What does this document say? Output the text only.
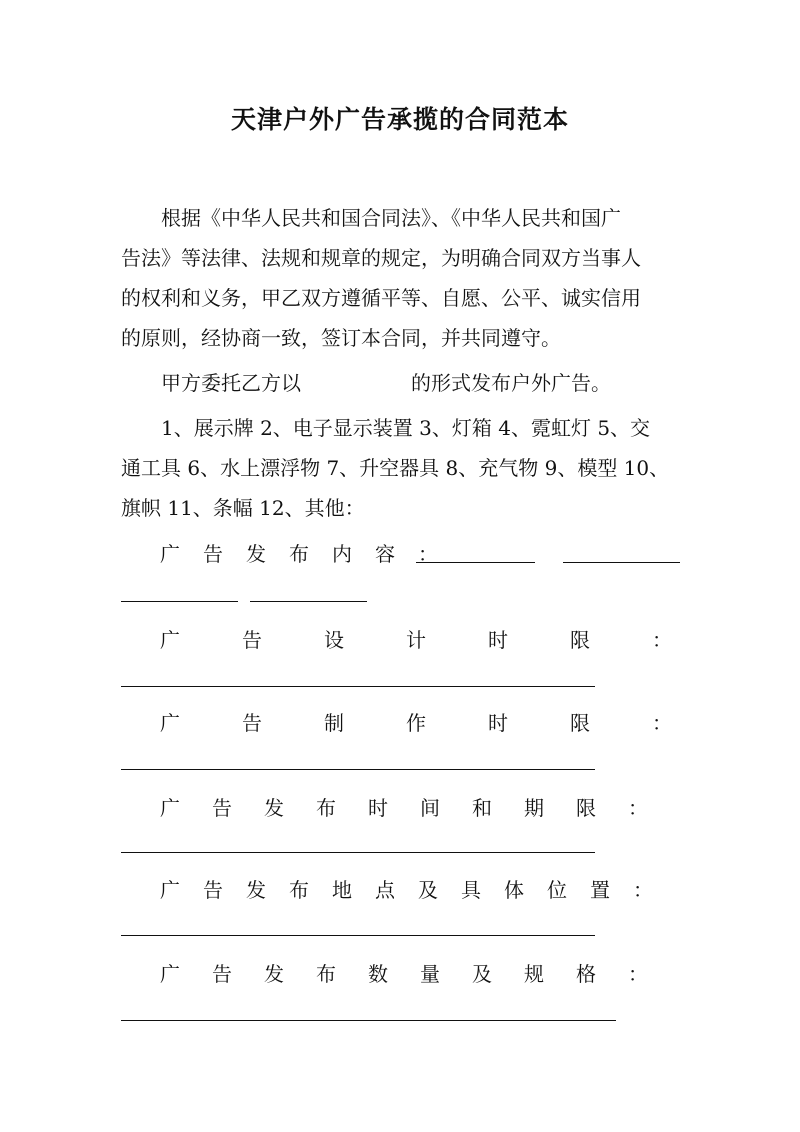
天津户外广告承揽的合同范本
根据《中华人民共和国合同法》、《中华人民共和国广
告法》等法律、法规和规章的规定，为明确合同双方当事人
的权利和义务，甲乙双方遵循平等、自愿、公平、诚实信用
的原则，经协商一致，签订本合同，并共同遵守。
甲方委托乙方以	的形式发布户外广告。
1、展示牌 2、电子显示装置 3、灯箱 4、霓虹灯 5、交
通工具 6、水上漂浮物 7、升空器具 8、充气物 9、模型 10、
旗帜 11、条幅 12、其他：
广 告 发 布 内 容 ：
广	告	设	计	时	限	：
广	告	制	作	时	限	：
广 告 发 布 时 间 和 期 限 ：
广 告 发 布 地 点 及 具 体 位 置 ：
广 告 发 布 数 量 及 规 格 ：
